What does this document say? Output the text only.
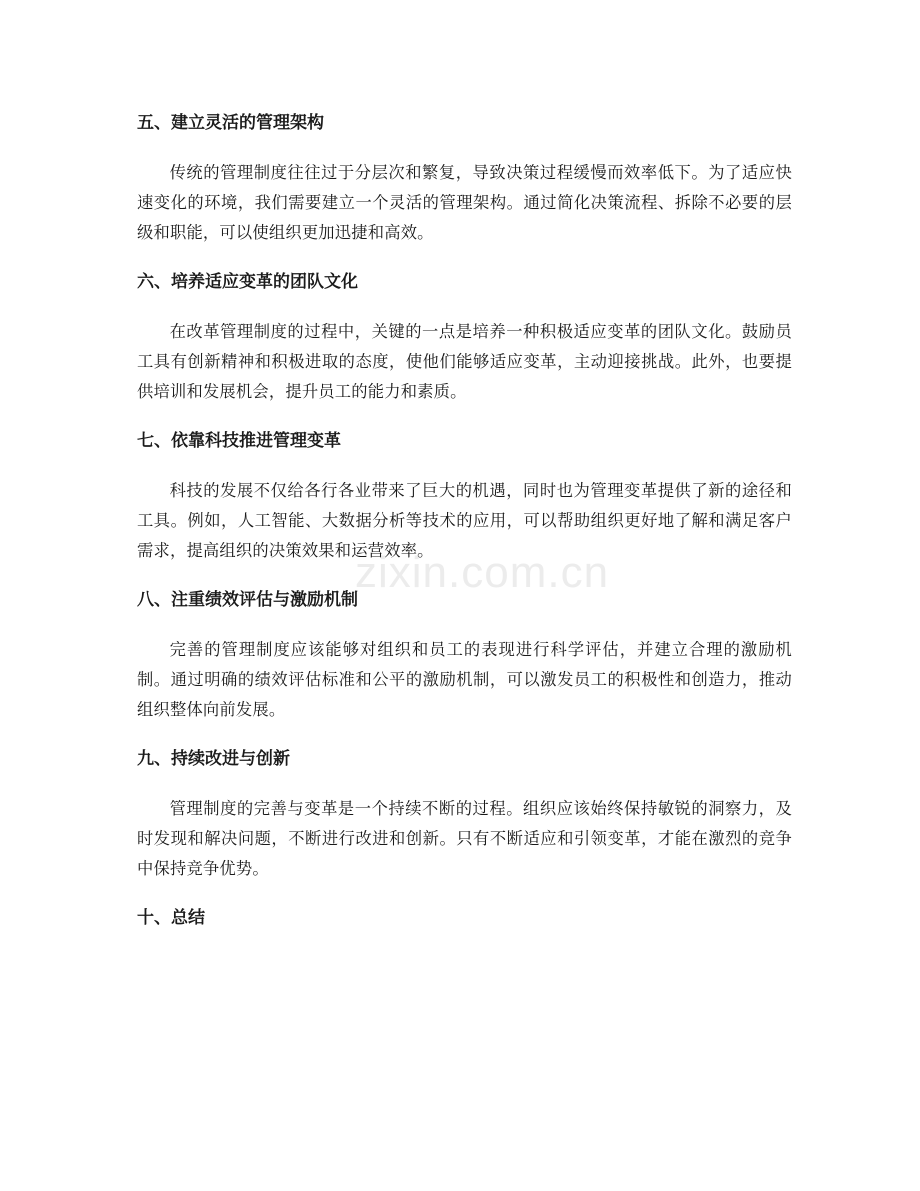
五、建立灵活的管理架构

传统的管理制度往往过于分层次和繁复，导致决策过程缓慢而效率低下。为了适应快速变化的环境，我们需要建立一个灵活的管理架构。通过简化决策流程、拆除不必要的层级和职能，可以使组织更加迅捷和高效。

六、培养适应变革的团队文化

在改革管理制度的过程中，关键的一点是培养一种积极适应变革的团队文化。鼓励员工具有创新精神和积极进取的态度，使他们能够适应变革，主动迎接挑战。此外，也要提供培训和发展机会，提升员工的能力和素质。

七、依靠科技推进管理变革

科技的发展不仅给各行各业带来了巨大的机遇，同时也为管理变革提供了新的途径和工具。例如，人工智能、大数据分析等技术的应用，可以帮助组织更好地了解和满足客户需求，提高组织的决策效果和运营效率。

八、注重绩效评估与激励机制

完善的管理制度应该能够对组织和员工的表现进行科学评估，并建立合理的激励机制。通过明确的绩效评估标准和公平的激励机制，可以激发员工的积极性和创造力，推动组织整体向前发展。

九、持续改进与创新

管理制度的完善与变革是一个持续不断的过程。组织应该始终保持敏锐的洞察力，及时发现和解决问题，不断进行改进和创新。只有不断适应和引领变革，才能在激烈的竞争中保持竞争优势。

十、总结
zixin.com.cn
